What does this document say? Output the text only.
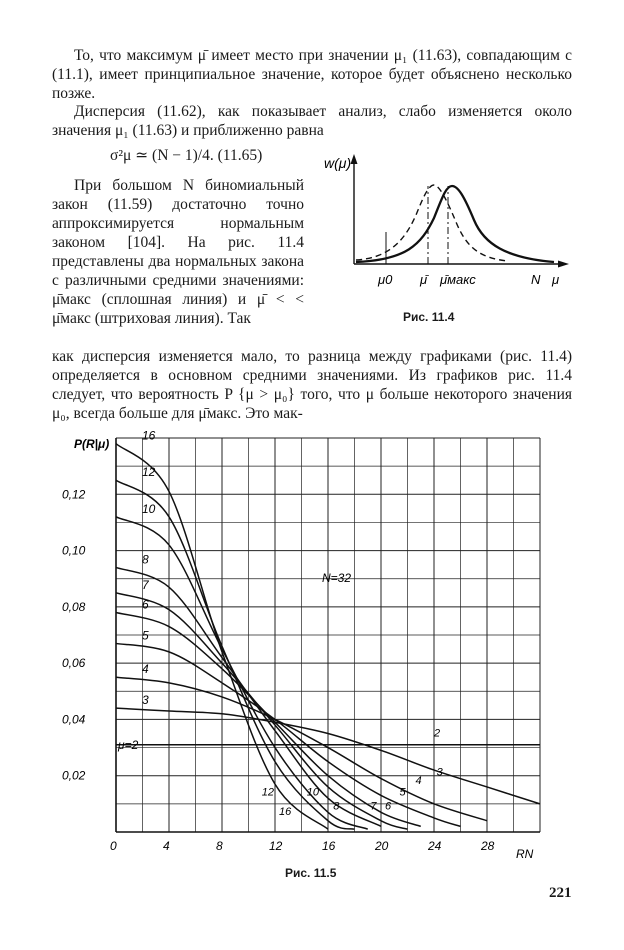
То, что максимум μ̄ имеет место при значении μ₁ (11.63), совпадающим с (11.1), имеет принципиальное значение, которое будет объяснено несколько позже.

Дисперсия (11.62), как показывает анализ, слабо изменяется около значения μ₁ (11.63) и приближенно равна

σ²μ ≃ (N − 1)/4. (11.65)

При большом N биномиальный закон (11.59) достаточно точно аппроксимируется нормальным законом [104]. На рис. 11.4 представлены два нормальных закона с различными средними значениями: μ̄макс (сплошная линия) и μ̄ < < μ̄макс (штриховая линия). Так

как дисперсия изменяется мало, то разница между графиками (рис. 11.4) определяется в основном средними значениями. Из графиков рис. 11.4 следует, что вероятность P {μ > μ₀} того, что μ больше некоторого значения μ₀, всегда больше для μ̄макс. Это мак-

w(μ)
μ0 μ̄ μ̄макс	N μ
Рис. 11.4
0	4	8	12	16	20	24	28
0,02
0,04
0,06
0,08
0,10
0,12
μ=2
2
3
3
4
4
5
5
6
6
7
7
8
8
10
10
12
12
16
16
P(R|μ)
RN
N=32
Рис. 11.5
221
